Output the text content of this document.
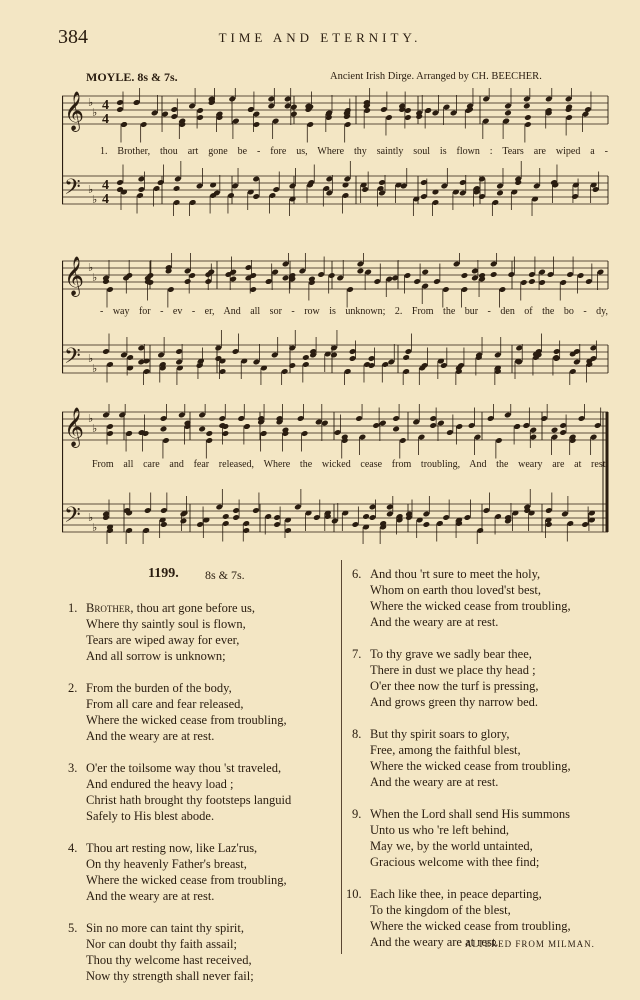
384	TIME AND ETERNITY.
MOYLE. 8s & 7s.	Ancient Irish Dirge. Arranged by CH. BEECHER.
𝄞
𝄢
♭
♭
♭
♭
4
4
4
4
1. Brother, thou art gone be - fore us, Where thy saintly soul is flown : Tears are wiped a -
𝄞
𝄢
♭
♭
♭
♭
- way for - ev - er, And all sor - row is unknown; 2. From the bur - den of the bo - dy,
𝄞
𝄢
♭
♭
♭
♭
From all care and fear released, Where the wicked cease from troubling, And the weary are at rest.
1199. 8s & 7s.
1. Brother, thou art gone before us,
Where thy saintly soul is flown,
Tears are wiped away for ever,
And all sorrow is unknown;
2. From the burden of the body,
From all care and fear released,
Where the wicked cease from troubling,
And the weary are at rest.
3. O'er the toilsome way thou 'st traveled,
And endured the heavy load ;
Christ hath brought thy footsteps languid
Safely to His blest abode.
4. Thou art resting now, like Laz'rus,
On thy heavenly Father's breast,
Where the wicked cease from troubling,
And the weary are at rest.
5. Sin no more can taint thy spirit,
Nor can doubt thy faith assail;
Thou thy welcome hast received,
Now thy strength shall never fail;
6. And thou 'rt sure to meet the holy,
Whom on earth thou loved'st best,
Where the wicked cease from troubling,
And the weary are at rest.
7. To thy grave we sadly bear thee,
There in dust we place thy head ;
O'er thee now the turf is pressing,
And grows green thy narrow bed.
8. But thy spirit soars to glory,
Free, among the faithful blest,
Where the wicked cease from troubling,
And the weary are at rest.
9. When the Lord shall send His summons
Unto us who 're left behind,
May we, by the world untainted,
Gracious welcome with thee find;
10. Each like thee, in peace departing,
To the kingdom of the blest,
Where the wicked cease from troubling,
And the weary are at rest.
ALTERED FROM MILMAN.
